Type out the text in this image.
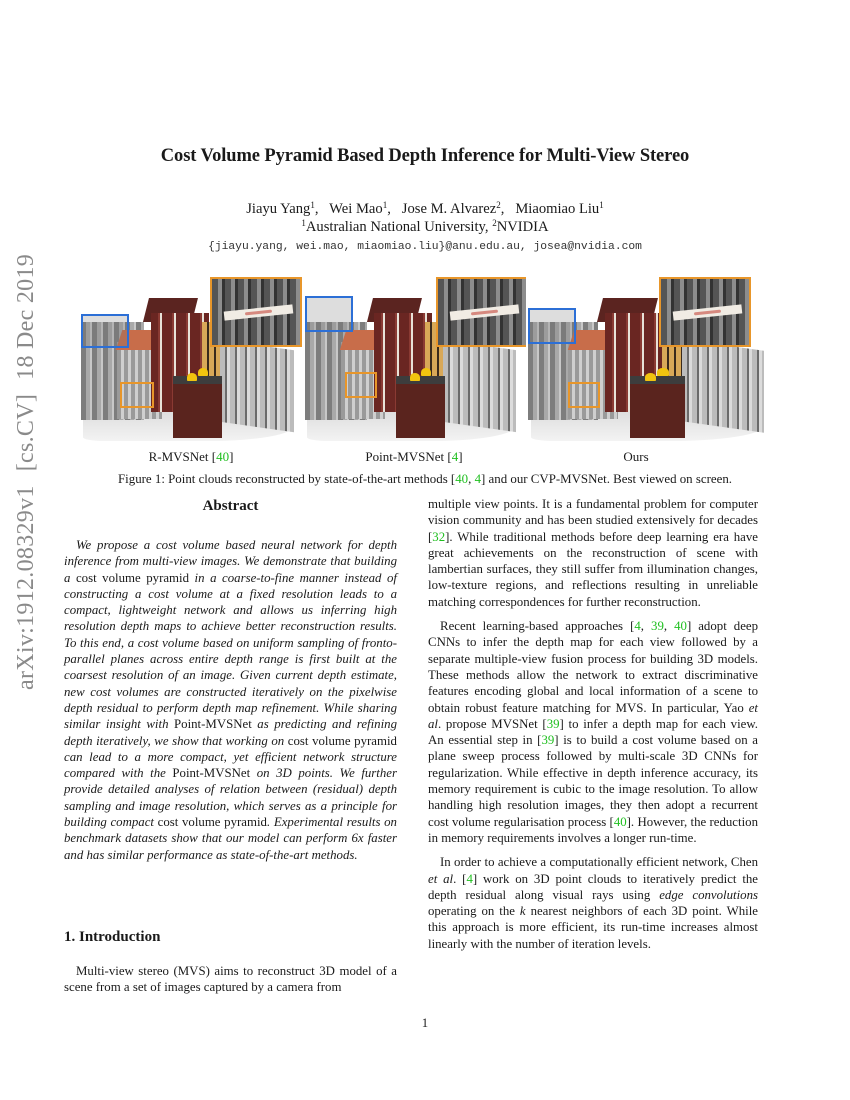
arXiv:1912.08329v1[cs.CV]18 Dec 2019
Cost Volume Pyramid Based Depth Inference for Multi-View Stereo
Jiayu Yang$^1$,   Wei Mao$^1$,   Jose M. Alvarez$^2$,   Miaomiao Liu$^1$
$^1$Australian National University, $^2$NVIDIA
{jiayu.yang, wei.mao, miaomiao.liu}@anu.edu.au, josea@nvidia.com
R-MVSNet [40]	Point-MVSNet [4]	Ours
Figure 1: Point clouds reconstructed by state-of-the-art methods [40, 4] and our CVP-MVSNet. Best viewed on screen.
Abstract

We propose a cost volume based neural network for depth inference from multi-view images. We demonstrate that building a cost volume pyramid in a coarse-to-fine manner instead of constructing a cost volume at a fixed resolution leads to a compact, lightweight network and allows us inferring high resolution depth maps to achieve better reconstruction results. To this end, a cost volume based on uniform sampling of fronto-parallel planes across entire depth range is first built at the coarsest resolution of an image. Given current depth estimate, new cost volumes are constructed iteratively on the pixelwise depth residual to perform depth map refinement. While sharing similar insight with Point-MVSNet as predicting and refining depth iteratively, we show that working on cost volume pyramid can lead to a more compact, yet efficient network structure compared with the Point-MVSNet on 3D points. We further provide detailed analyses of relation between (residual) depth sampling and image resolution, which serves as a principle for building compact cost volume pyramid. Experimental results on benchmark datasets show that our model can perform 6x faster and has similar performance as state-of-the-art methods.

1. Introduction

Multi-view stereo (MVS) aims to reconstruct 3D model of a scene from a set of images captured by a camera from

multiple view points. It is a fundamental problem for computer vision community and has been studied extensively for decades [32]. While traditional methods before deep learning era have great achievements on the reconstruction of scene with lambertian surfaces, they still suffer from illumination changes, low-texture regions, and reflections resulting in unreliable matching correspondences for further reconstruction.

Recent learning-based approaches [4, 39, 40] adopt deep CNNs to infer the depth map for each view followed by a separate multiple-view fusion process for building 3D models. These methods allow the network to extract discriminative features encoding global and local information of a scene to obtain robust feature matching for MVS. In particular, Yao et al. propose MVSNet [39] to infer a depth map for each view. An essential step in [39] is to build a cost volume based on a plane sweep process followed by multi-scale 3D CNNs for regularization. While effective in depth inference accuracy, its memory requirement is cubic to the image resolution. To allow handling high resolution images, they then adopt a recurrent cost volume regularisation process [40]. However, the reduction in memory requirements involves a longer run-time.

In order to achieve a computationally efficient network, Chen et al. [4] work on 3D point clouds to iteratively predict the depth residual along visual rays using edge convolutions operating on the k nearest neighbors of each 3D point. While this approach is more efficient, its run-time increases almost linearly with the number of iteration levels.

1
